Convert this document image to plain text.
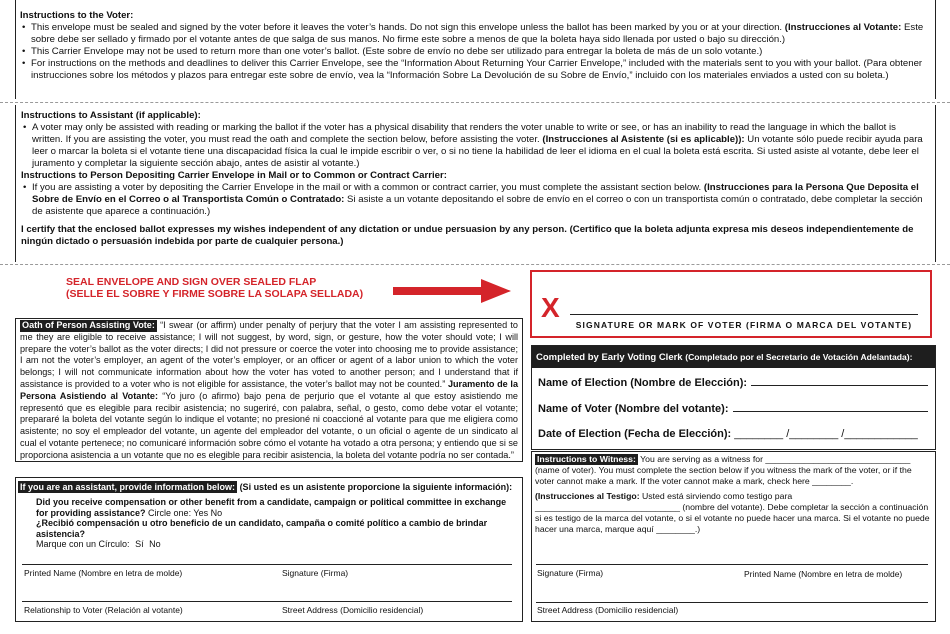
Instructions to the Voter:

• This envelope must be sealed and signed by the voter before it leaves the voter’s hands. Do not sign this envelope unless the ballot has been marked by you or at your direction. (Instrucciones al Votante: Este sobre debe ser sellado y firmado por el votante antes de que salga de sus manos. No firme este sobre a menos de que la boleta haya sido llenada por usted o bajo su dirección.)

• This Carrier Envelope may not be used to return more than one voter’s ballot. (Este sobre de envío no debe ser utilizado para entregar la boleta de más de un solo votante.)

• For instructions on the methods and deadlines to deliver this Carrier Envelope, see the “Information About Returning Your Carrier Envelope,” included with the materials sent to you with your ballot. (Para obtener instrucciones sobre los métodos y plazos para entregar este sobre de envío, vea la “Información Sobre La Devolución de su Sobre de Envío,” incluido con los materiales enviados a usted con su boleta.)

Instructions to Assistant (if applicable):

• A voter may only be assisted with reading or marking the ballot if the voter has a physical disability that renders the voter unable to write or see, or has an inability to read the language in which the ballot is written. If you are assisting the voter, you must read the oath and complete the section below, before assisting the voter. (Instrucciones al Asistente (si es aplicable)): Un votante sólo puede recibir ayuda para leer o marcar la boleta si el votante tiene una discapacidad física la cual le impide escribir o ver, o si no tiene la habilidad de leer el idioma en el cual la boleta está escrita. Si usted asiste al votante, debe leer el juramento y completar la siguiente sección abajo, antes de asistir al votante.)

Instructions to Person Depositing Carrier Envelope in Mail or to Common or Contract Carrier:

• If you are assisting a voter by depositing the Carrier Envelope in the mail or with a common or contract carrier, you must complete the assistant section below. (Instrucciones para la Persona Que Deposita el Sobre de Envío en el Correo o al Transportista Común o Contratado: Si asiste a un votante depositando el sobre de envío en el correo o con un transportista común o contratado, debe completar la sección de asistente que aparece a continuación.)

I certify that the enclosed ballot expresses my wishes independent of any dictation or undue persuasion by any person. (Certifico que la boleta adjunta expresa mis deseos independientemente de ningún dictado o persuasión indebida por parte de cualquier persona.)

SEAL ENVELOPE AND SIGN OVER SEALED FLAP

(SELLE EL SOBRE Y FIRME SOBRE LA SOLAPA SELLADA)	X
SIGNATURE OR MARK OF VOTER (FIRMA O MARCA DEL VOTANTE)

Oath of Person Assisting Vote: “I swear (or affirm) under penalty of perjury that the voter I am assisting represented to me they are eligible to receive assistance; I will not suggest, by word, sign, or gesture, how the voter should vote; I will prepare the voter’s ballot as the voter directs; I did not pressure or coerce the voter into choosing me to provide assistance; I am not the voter’s employer, an agent of the voter’s employer, or an officer or agent of a labor union to which the voter belongs; I will not communicate information about how the voter has voted to another person; and I understand that if assistance is provided to a voter who is not eligible for assistance, the voter’s ballot may not be counted.” Juramento de la Persona Asistiendo al Votante: “Yo juro (o afirmo) bajo pena de perjurio que el votante al que estoy asistiendo me representó que es elegible para recibir asistencia; no sugeriré, con palabra, señal, o gesto, como debe votar el votante; prepararé la boleta del votante según lo indique el votante; no presioné ni coaccioné al votante para que me eligiera como asistente; no soy el empleador del votante, un agente del empleador del votante, o un oficial o agente de un sindicato al cual el votante pertenece; no comunicaré información sobre cómo el votante ha votado a otra persona; y entiendo que si se proporciona asistencia a un votante que no es elegible para recibir asistencia, la boleta del votante podría no ser contada.”

If you are an assistant, provide information below: (Si usted es un asistente proporcione la siguiente información):

Did you receive compensation or other benefit from a candidate, campaign or political committee in exchange for providing assistance? Circle one: Yes No

¿Recibió compensación u otro beneficio de un candidato, campaña o comité político a cambio de brindar asistencia?

Marque con un Círculo: Sí No

Printed Name (Nombre en letra de molde)	Signature (Firma)
Relationship to Voter (Relación al votante)	Street Address (Domicilio residencial)
Completed by Early Voting Clerk (Completado por el Secretario de Votación Adelantada):
Name of Election (Nombre de Elección):
Name of Voter (Nombre del votante):
Date of Election (Fecha de Elección): ________ /________ /____________

Instructions to Witness: You are serving as a witness for ______________________________ (name of voter). You must complete the section below if you witness the mark of the voter, or if the voter cannot make a mark. If the voter cannot make a mark, check here ________.

(Instrucciones al Testigo: Usted está sirviendo como testigo para ______________________________ (nombre del votante). Debe completar la sección a continuación si es testigo de la marca del votante, o si el votante no puede hacer una marca. Si el votante no puede hacer una marca, marque aquí ________.)

Signature (Firma)	Printed Name (Nombre en letra de molde)
Street Address (Domicilio residencial)
